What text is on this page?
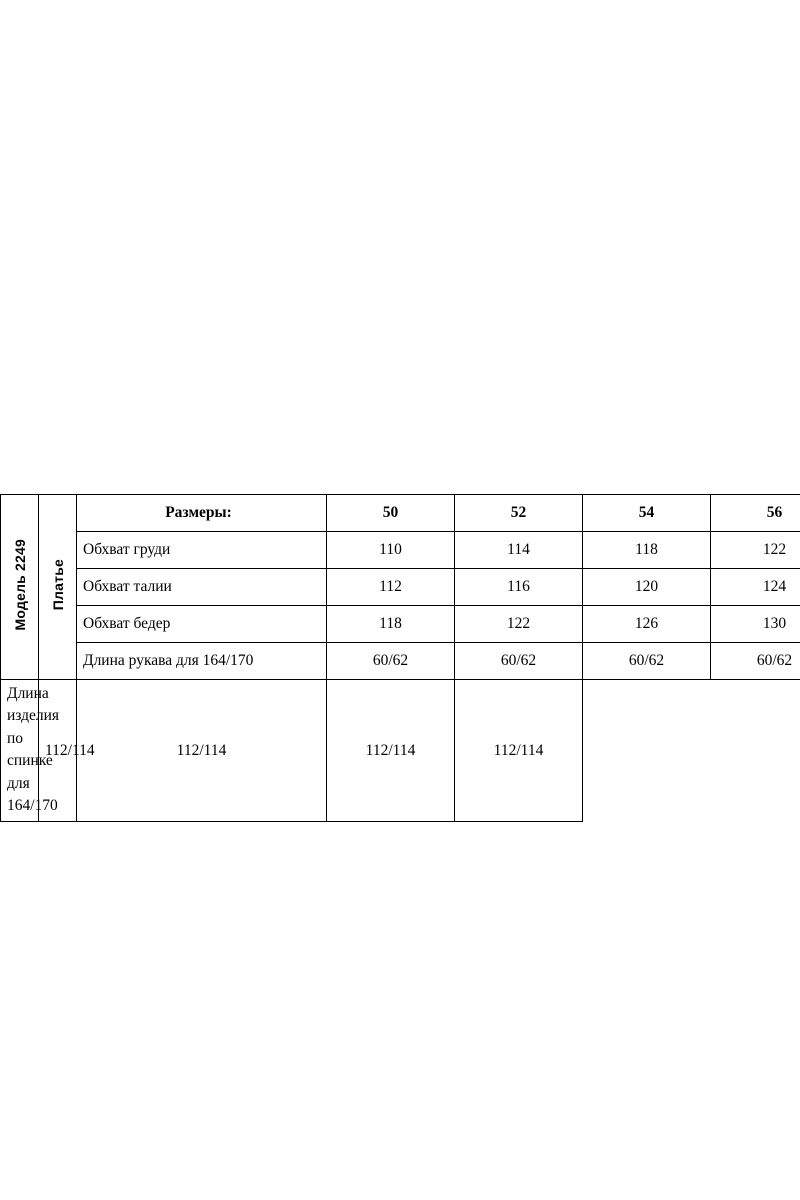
Модель 2249	Платье	Размеры:	50	52	54	56
		Обхват груди	110	114	118	122
		Обхват талии	112	116	120	124
		Обхват бедер	118	122	126	130
		Длина рукава для 164/170	60/62	60/62	60/62	60/62
Длина изделия по спинке
для 164/170	112/114	112/114	112/114	112/114		
